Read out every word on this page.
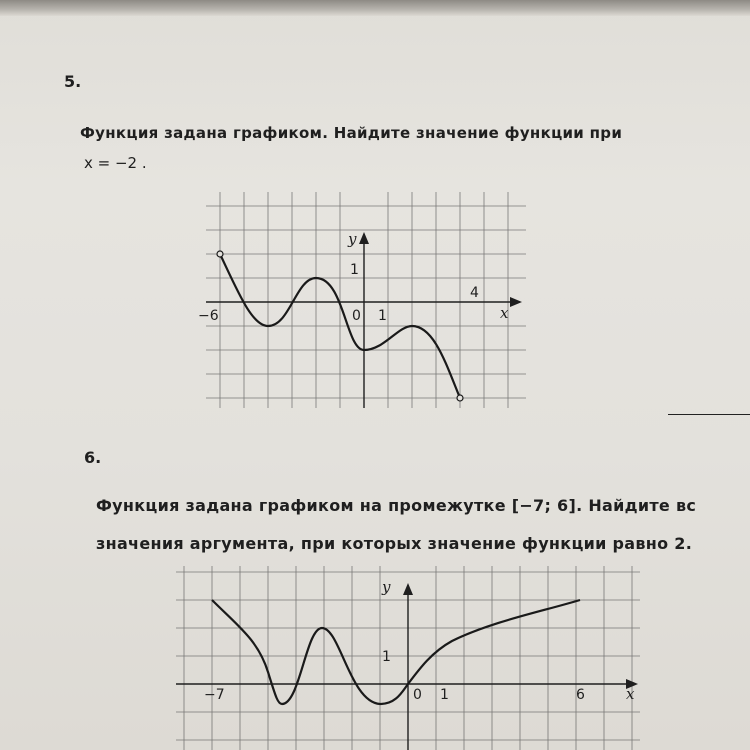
5.
Функция задана графиком. Найдите значение функции при
x = −2 .
y
x
−6	0 1
1
4
6.
Функция задана графиком на промежутке [−7; 6]. Найдите вс
значения аргумента, при которых значение функции равно 2.
y
x
−7	0 1
1
6
